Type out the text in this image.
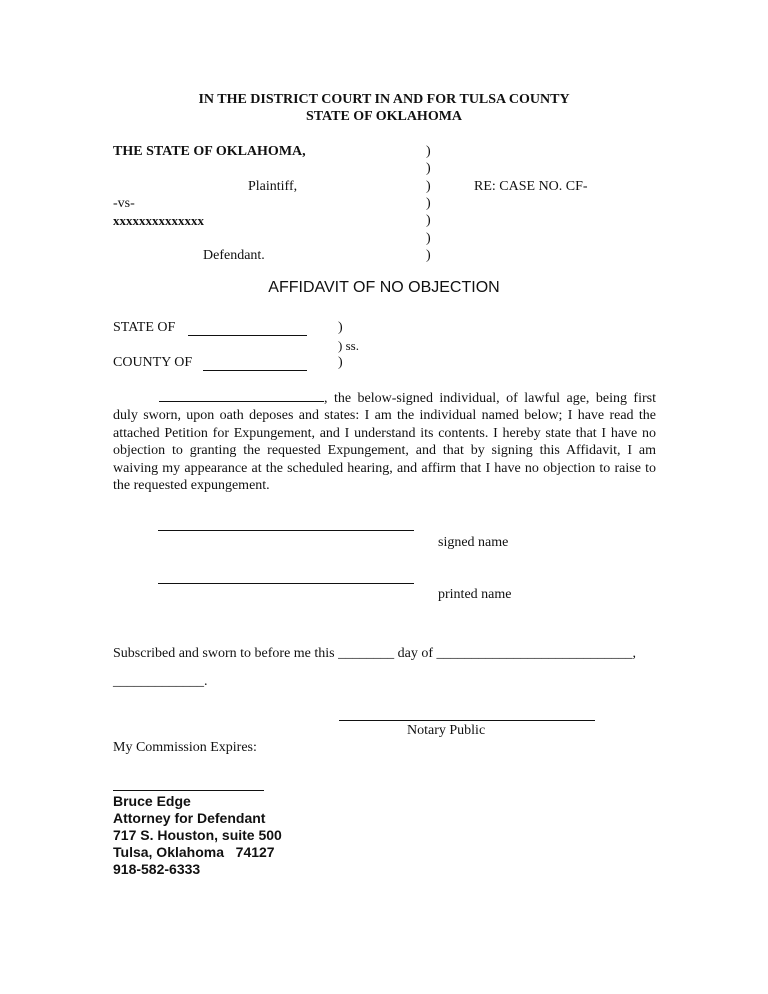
IN THE DISTRICT COURT IN AND FOR TULSA COUNTY
STATE OF OKLAHOMA
THE STATE OF OKLAHOMA,
Plaintiff,
-vs-
xxxxxxxxxxxxxx
Defendant.
RE: CASE NO. CF-
)
)
)
)
)
)
)
AFFIDAVIT OF NO OBJECTION
STATE OF	)
) ss.
COUNTY OF	)

, the below-signed individual, of lawful age, being first duly sworn, upon oath deposes and states: I am the individual named below; I have read the attached Petition for Expungement, and I understand its contents. I hereby state that I have no objection to granting the requested Expungement, and that by signing this Affidavit, I am waiving my appearance at the scheduled hearing, and affirm that I have no objection to raise to the requested expungement.

signed name
printed name
Subscribed and sworn to before me this ________ day of ____________________________,
_____________.
Notary Public
My Commission Expires:
Bruce Edge
Attorney for Defendant
717 S. Houston, suite 500
Tulsa, Oklahoma   74127
918-582-6333
